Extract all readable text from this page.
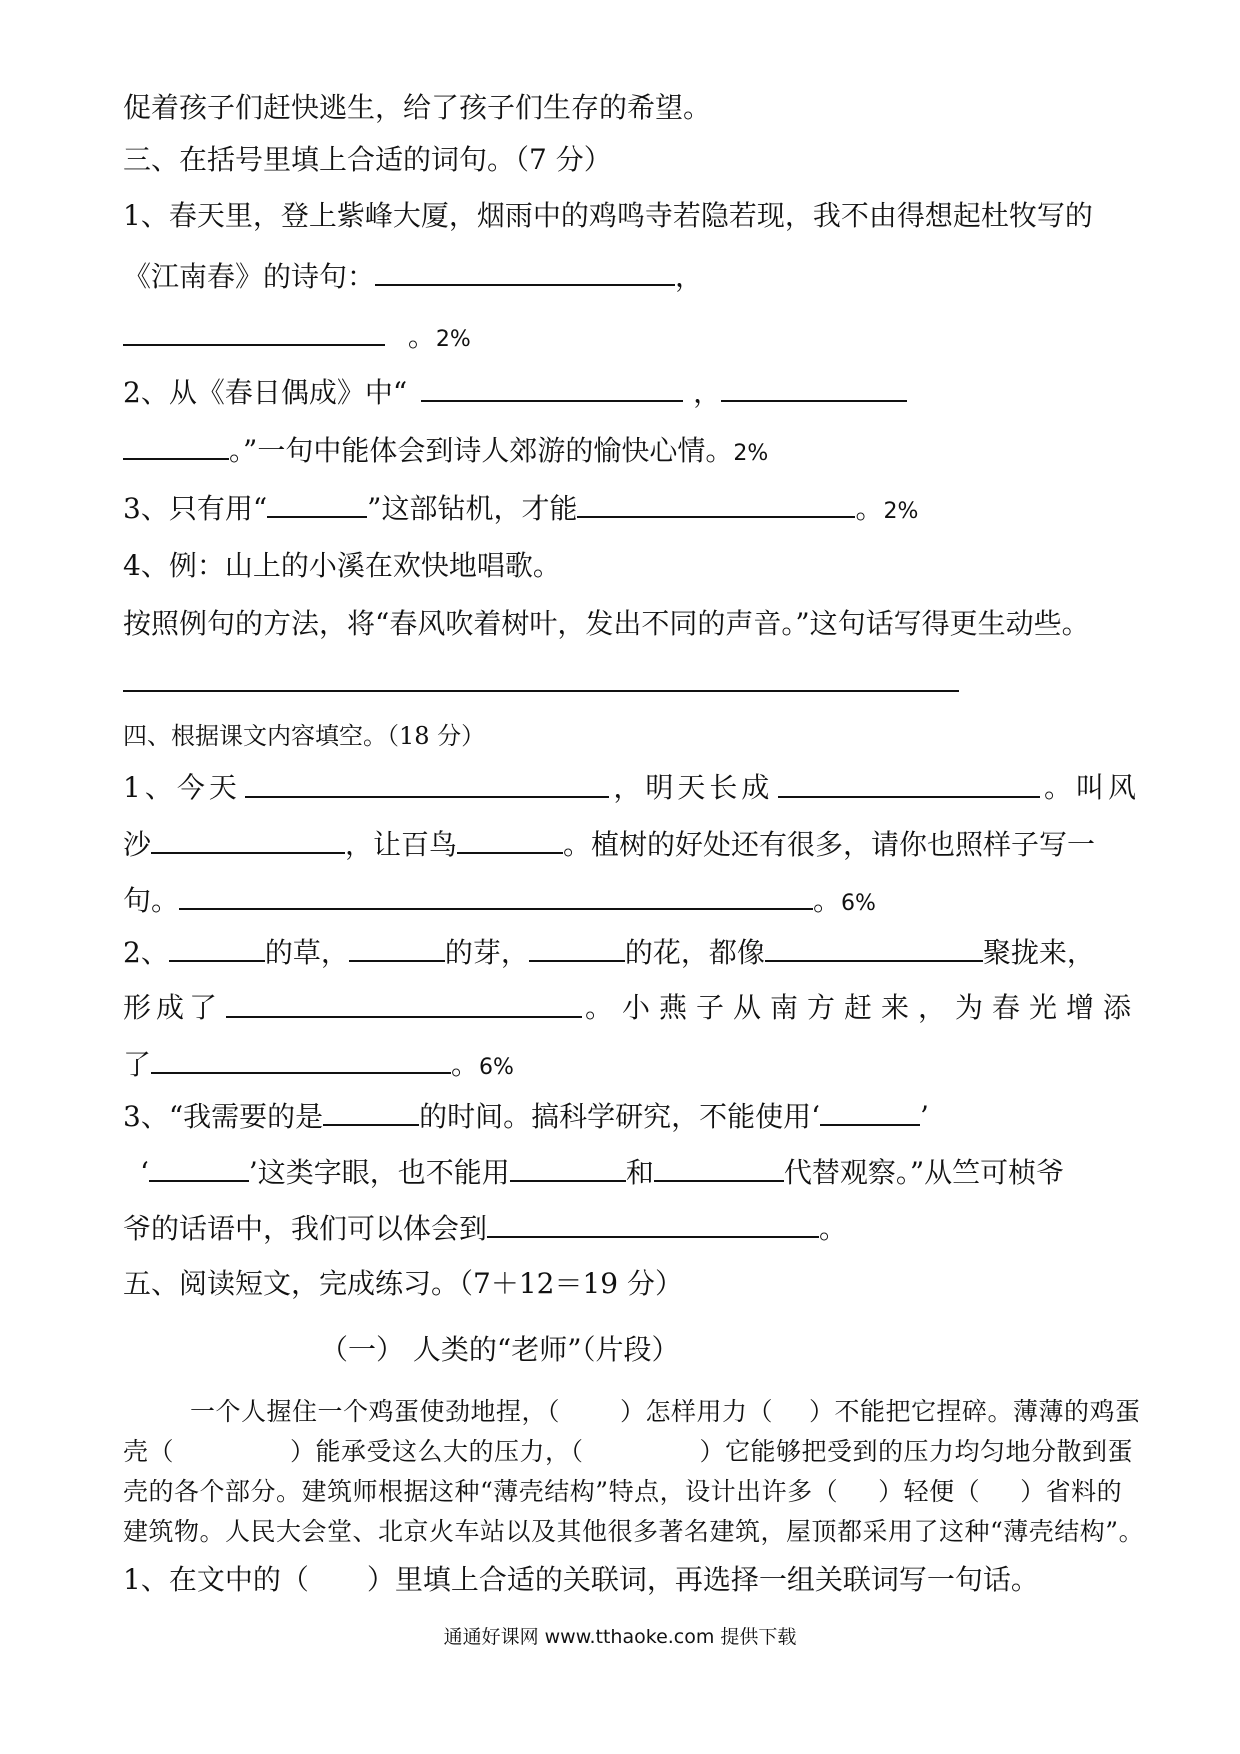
促着孩子们赶快逃生，给了孩子们生存的希望。
三、在括号里填上合适的词句。（7 分）
1、春天里，登上紫峰大厦，烟雨中的鸡鸣寺若隐若现，我不由得想起杜牧写的
《江南春》的诗句：	，
。2%
2、从《春日偶成》中“	，
。”一句中能体会到诗人郊游的愉快心情。2%
3、只有用“	”这部钻机，才能	。2%
4、例：山上的小溪在欢快地唱歌。
按照例句的方法，将“春风吹着树叶，发出不同的声音。”这句话写得更生动些。
四、根据课文内容填空。（18 分）
1、今天	，明天长成	。叫风
沙	，让百鸟	。植树的好处还有很多，请你也照样子写一
句。	。6%
2、	的草，	的芽，	的花，都像	聚拢来，
形成了	。小燕子从南方赶来，为春光增添
了	。6%
3、“我需要的是	的时间。搞科学研究，不能使用‘	’
‘	’这类字眼，也不能用	和	代替观察。”从竺可桢爷
爷的话语中，我们可以体会到	。
五、阅读短文，完成练习。（7＋12＝19 分）
（一） 人类的“老师”（片段）
一个人握住一个鸡蛋使劲地捏，（ ）怎样用力（ ）不能把它捏碎。薄薄的鸡蛋
壳（	）能承受这么大的压力，（	）它能够把受到的压力均匀地分散到蛋
壳的各个部分。建筑师根据这种“薄壳结构”特点，设计出许多（ ）轻便（ ）省料的
建筑物。人民大会堂、北京火车站以及其他很多著名建筑，屋顶都采用了这种“薄壳结构”。
1、在文中的（ ）里填上合适的关联词，再选择一组关联词写一句话。
通通好课网 www.tthaoke.com 提供下载
